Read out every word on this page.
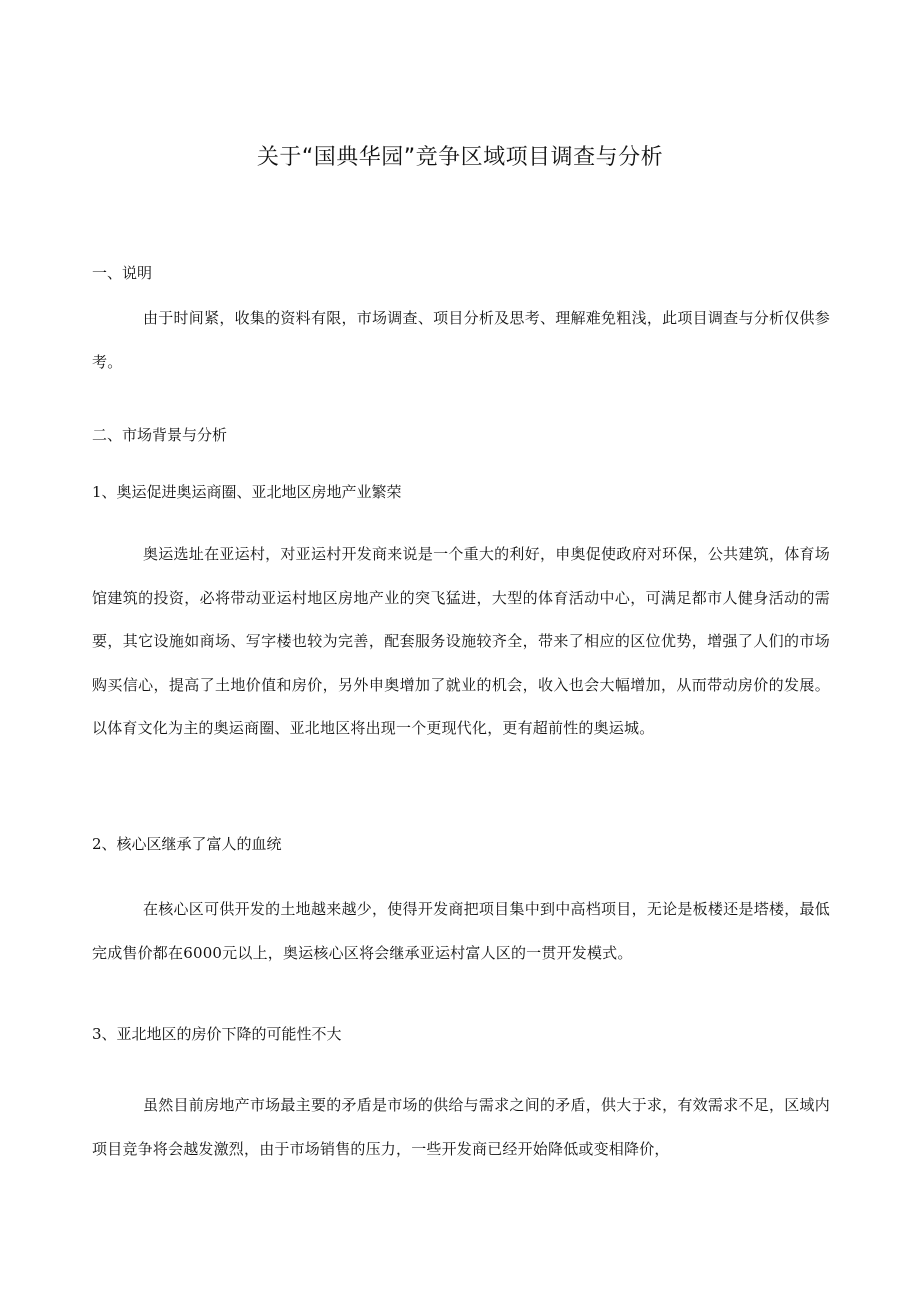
关于“国典华园”竞争区域项目调查与分析
一、说明
由于时间紧，收集的资料有限，市场调查、项目分析及思考、理解难免粗浅，此项目调查与分析仅供参考。
二、市场背景与分析
1、奥运促进奥运商圈、亚北地区房地产业繁荣
奥运选址在亚运村，对亚运村开发商来说是一个重大的利好，申奥促使政府对环保，公共建筑，体育场馆建筑的投资，必将带动亚运村地区房地产业的突飞猛进，大型的体育活动中心，可满足都市人健身活动的需要，其它设施如商场、写字楼也较为完善，配套服务设施较齐全，带来了相应的区位优势，增强了人们的市场购买信心，提高了土地价值和房价，另外申奥增加了就业的机会，收入也会大幅增加，从而带动房价的发展。以体育文化为主的奥运商圈、亚北地区将出现一个更现代化，更有超前性的奥运城。
2、核心区继承了富人的血统
在核心区可供开发的土地越来越少，使得开发商把项目集中到中高档项目，无论是板楼还是塔楼，最低完成售价都在6000元以上，奥运核心区将会继承亚运村富人区的一贯开发模式。
3、亚北地区的房价下降的可能性不大
虽然目前房地产市场最主要的矛盾是市场的供给与需求之间的矛盾，供大于求，有效需求不足，区域内项目竞争将会越发激烈，由于市场销售的压力，一些开发商已经开始降低或变相降价，
